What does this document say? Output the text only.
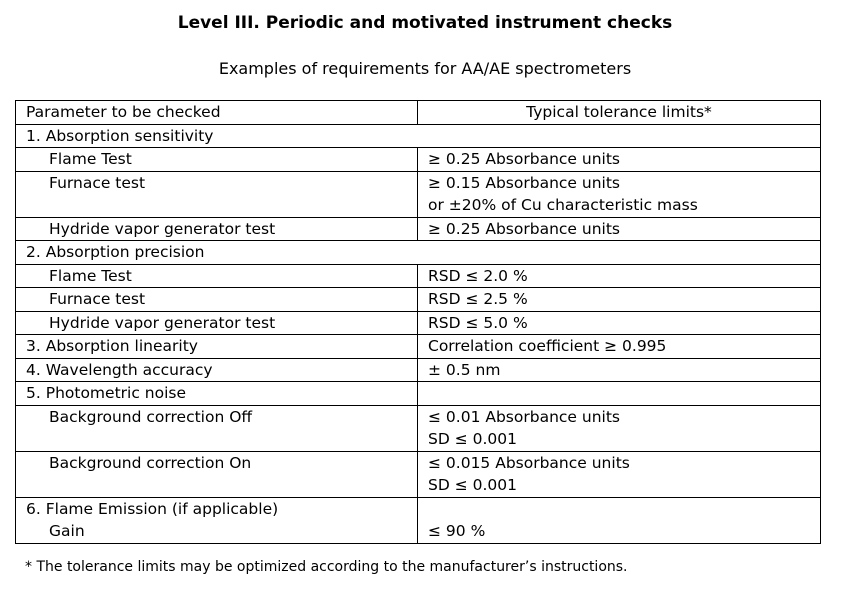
Level III. Periodic and motivated instrument checks
Examples of requirements for AA/AE spectrometers
Parameter to be checked	Typical tolerance limits*
1. Absorption sensitivity	
Flame Test	≥ 0.25 Absorbance units
Furnace test	≥ 0.15 Absorbance units
or ±20% of Cu characteristic mass

Hydride vapor generator test	≥ 0.25 Absorbance units
2. Absorption precision	
Flame Test	RSD ≤ 2.0 %
Furnace test	RSD ≤ 2.5 %
Hydride vapor generator test	RSD ≤ 5.0 %
3. Absorption linearity	Correlation coefficient ≥ 0.995
4. Wavelength accuracy	± 0.5 nm
5. Photometric noise	
Background correction Off	≤ 0.01 Absorbance units
SD ≤ 0.001

Background correction On	≤ 0.015 Absorbance units
SD ≤ 0.001

6. Flame Emission (if applicable)
Gain	≤ 90 %
* The tolerance limits may be optimized according to the manufacturer’s instructions.
